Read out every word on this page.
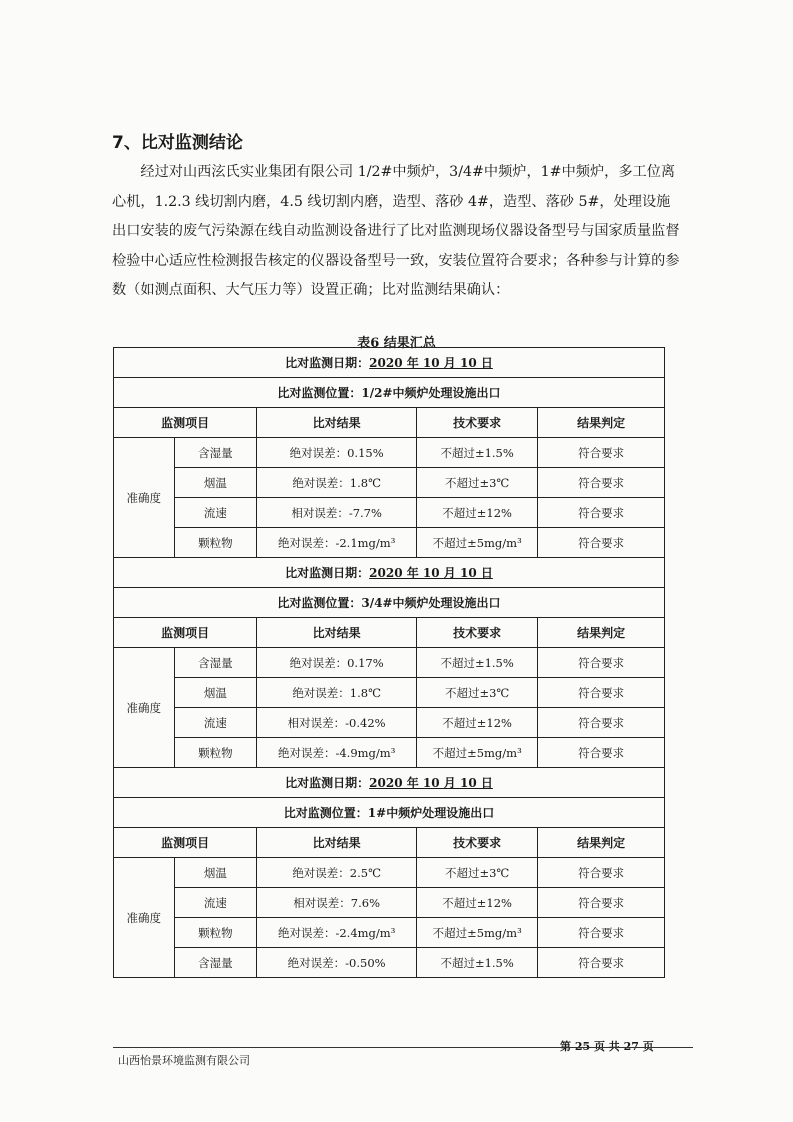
7、比对监测结论

经过对山西泫氏实业集团有限公司 1/2#中频炉，3/4#中频炉，1#中频炉，多工位离心机，1.2.3 线切割内磨，4.5 线切割内磨，造型、落砂 4#，造型、落砂 5#，处理设施出口安装的废气污染源在线自动监测设备进行了比对监测现场仪器设备型号与国家质量监督检验中心适应性检测报告核定的仪器设备型号一致，安装位置符合要求；各种参与计算的参数（如测点面积、大气压力等）设置正确；比对监测结果确认：

表6 结果汇总
比对监测日期：2020 年 10 月 10 日				
比对监测位置：1/2#中频炉处理设施出口				
监测项目		比对结果	技术要求	结果判定
准确度	含湿量	绝对误差：0.15%	不超过±1.5%	符合要求
	烟温	绝对误差：1.8℃	不超过±3℃	符合要求
	流速	相对误差：-7.7%	不超过±12%	符合要求
	颗粒物	绝对误差：-2.1mg/m³	不超过±5mg/m³	符合要求
比对监测日期：2020 年 10 月 10 日				
比对监测位置：3/4#中频炉处理设施出口				
监测项目		比对结果	技术要求	结果判定
准确度	含湿量	绝对误差：0.17%	不超过±1.5%	符合要求
	烟温	绝对误差：1.8℃	不超过±3℃	符合要求
	流速	相对误差：-0.42%	不超过±12%	符合要求
	颗粒物	绝对误差：-4.9mg/m³	不超过±5mg/m³	符合要求
比对监测日期：2020 年 10 月 10 日				
比对监测位置：1#中频炉处理设施出口				
监测项目		比对结果	技术要求	结果判定
准确度	烟温	绝对误差：2.5℃	不超过±3℃	符合要求
	流速	相对误差：7.6%	不超过±12%	符合要求
	颗粒物	绝对误差：-2.4mg/m³	不超过±5mg/m³	符合要求
	含湿量	绝对误差：-0.50%	不超过±1.5%	符合要求
第 25 页 共 27 页
山西怡景环境监测有限公司
